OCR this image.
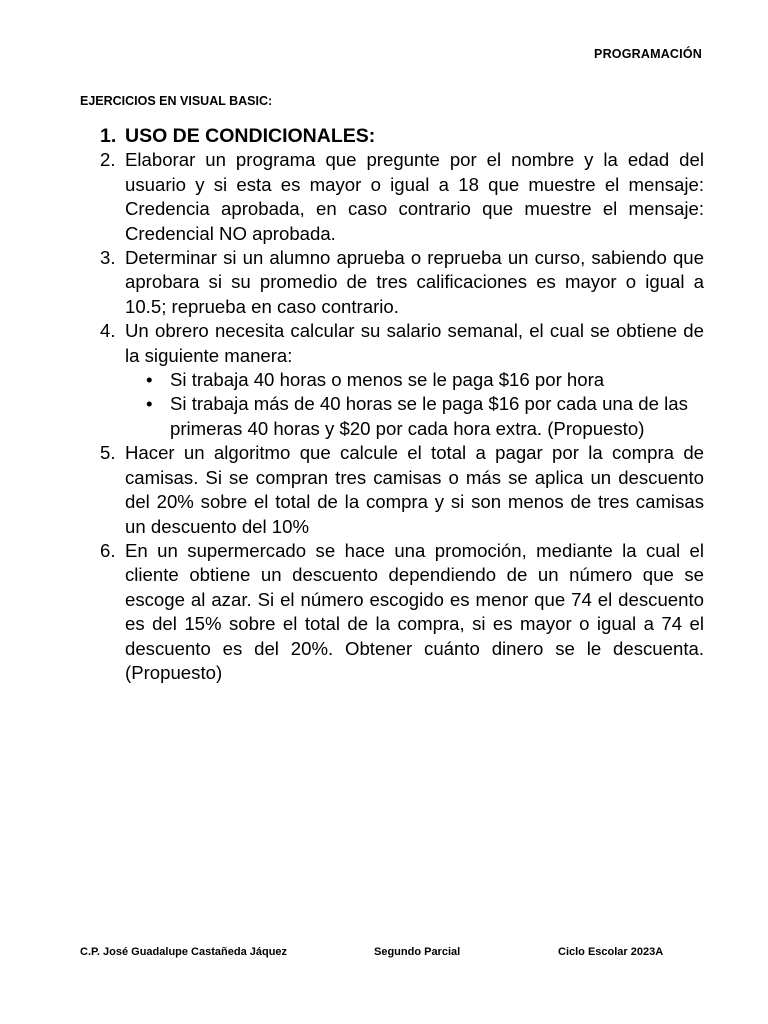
PROGRAMACIÓN
EJERCICIOS EN VISUAL BASIC:
1. USO DE CONDICIONALES:
2. Elaborar un programa que pregunte por el nombre y la edad del usuario y si esta es mayor o igual a 18 que muestre el mensaje: Credencia aprobada, en caso contrario que muestre el mensaje: Credencial NO aprobada.
3. Determinar si un alumno aprueba o reprueba un curso, sabiendo que aprobara si su promedio de tres calificaciones es mayor o igual a 10.5; reprueba en caso contrario.
4. Un obrero necesita calcular su salario semanal, el cual se obtiene de la siguiente manera:
• Si trabaja 40 horas o menos se le paga $16 por hora
• Si trabaja más de 40 horas se le paga $16 por cada una de las primeras 40 horas y $20 por cada hora extra. (Propuesto)
5. Hacer un algoritmo que calcule el total a pagar por la compra de camisas. Si se compran tres camisas o más se aplica un descuento del 20% sobre el total de la compra y si son menos de tres camisas un descuento del 10%
6. En un supermercado se hace una promoción, mediante la cual el cliente obtiene un descuento dependiendo de un número que se escoge al azar. Si el número escogido es menor que 74 el descuento es del 15% sobre el total de la compra, si es mayor o igual a 74 el descuento es del 20%. Obtener cuánto dinero se le descuenta. (Propuesto)
C.P. José Guadalupe Castañeda Jáquez	Segundo Parcial	Ciclo Escolar 2023A
